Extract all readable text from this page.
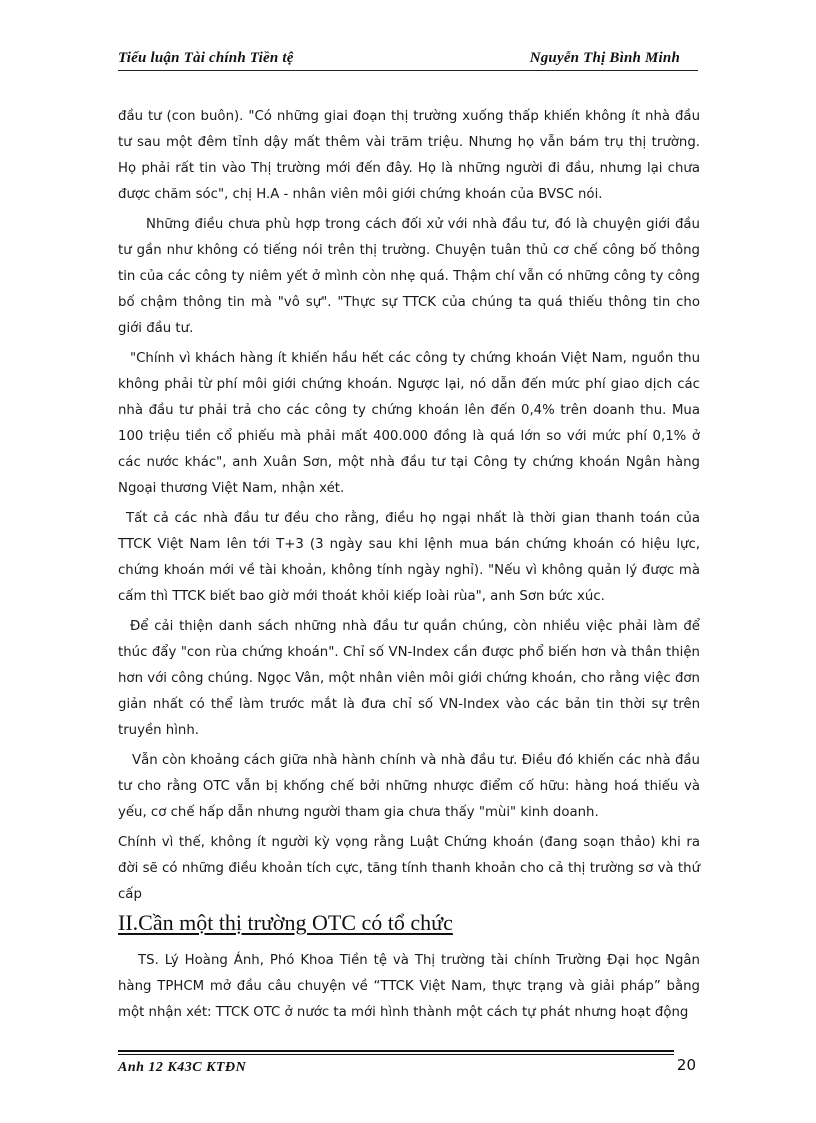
Tiểu luận Tài chính Tiền tệ	Nguyễn Thị Bình Minh

đầu tư (con buôn). "Có những giai đoạn thị trường xuống thấp khiến không ít nhà đầu tư sau một đêm tỉnh dậy mất thêm vài trăm triệu. Nhưng họ vẫn bám trụ thị trường. Họ phải rất tin vào Thị trường mới đến đây. Họ là những người đi đầu, nhưng lại chưa được chăm sóc", chị H.A - nhân viên môi giới chứng khoán của BVSC nói.

Những điều chưa phù hợp trong cách đối xử với nhà đầu tư, đó là chuyện giới đầu tư gần như không có tiếng nói trên thị trường. Chuyện tuân thủ cơ chế công bố thông tin của các công ty niêm yết ở mình còn nhẹ quá. Thậm chí vẫn có những công ty công bố chậm thông tin mà "vô sự". "Thực sự TTCK của chúng ta quá thiếu thông tin cho giới đầu tư.

"Chính vì khách hàng ít khiến hầu hết các công ty chứng khoán Việt Nam, nguồn thu không phải từ phí môi giới chứng khoán. Ngược lại, nó dẫn đến mức phí giao dịch các nhà đầu tư phải trả cho các công ty chứng khoán lên đến 0,4% trên doanh thu. Mua 100 triệu tiền cổ phiếu mà phải mất 400.000 đồng là quá lớn so với mức phí 0,1% ở các nước khác", anh Xuân Sơn, một nhà đầu tư tại Công ty chứng khoán Ngân hàng Ngoại thương Việt Nam, nhận xét.

Tất cả các nhà đầu tư đều cho rằng, điều họ ngại nhất là thời gian thanh toán của TTCK Việt Nam lên tới T+3 (3 ngày sau khi lệnh mua bán chứng khoán có hiệu lực, chứng khoán mới về tài khoản, không tính ngày nghỉ). "Nếu vì không quản lý được mà cấm thì TTCK biết bao giờ mới thoát khỏi kiếp loài rùa", anh Sơn bức xúc.

Để cải thiện danh sách những nhà đầu tư quần chúng, còn nhiều việc phải làm để thúc đẩy "con rùa chứng khoán". Chỉ số VN-Index cần được phổ biến hơn và thân thiện hơn với công chúng. Ngọc Vân, một nhân viên môi giới chứng khoán, cho rằng việc đơn giản nhất có thể làm trước mắt là đưa chỉ số VN-Index vào các bản tin thời sự trên truyền hình.

Vẫn còn khoảng cách giữa nhà hành chính và nhà đầu tư. Điều đó khiến các nhà đầu tư cho rằng OTC vẫn bị khống chế bởi những nhược điểm cố hữu: hàng hoá thiếu và yếu, cơ chế hấp dẫn nhưng người tham gia chưa thấy "mùi" kinh doanh.

Chính vì thế, không ít người kỳ vọng rằng Luật Chứng khoán (đang soạn thảo) khi ra đời sẽ có những điều khoản tích cực, tăng tính thanh khoản cho cả thị trường sơ và thứ cấp

II.Cần một thị trường OTC có tổ chức

TS. Lý Hoàng Ánh, Phó Khoa Tiền tệ và Thị trường tài chính Trường Đại học Ngân hàng TPHCM mở đầu câu chuyện về “TTCK Việt Nam, thực trạng và giải pháp” bằng một nhận xét: TTCK OTC ở nước ta mới hình thành một cách tự phát nhưng hoạt động

Anh 12 K43C KTĐN	20
